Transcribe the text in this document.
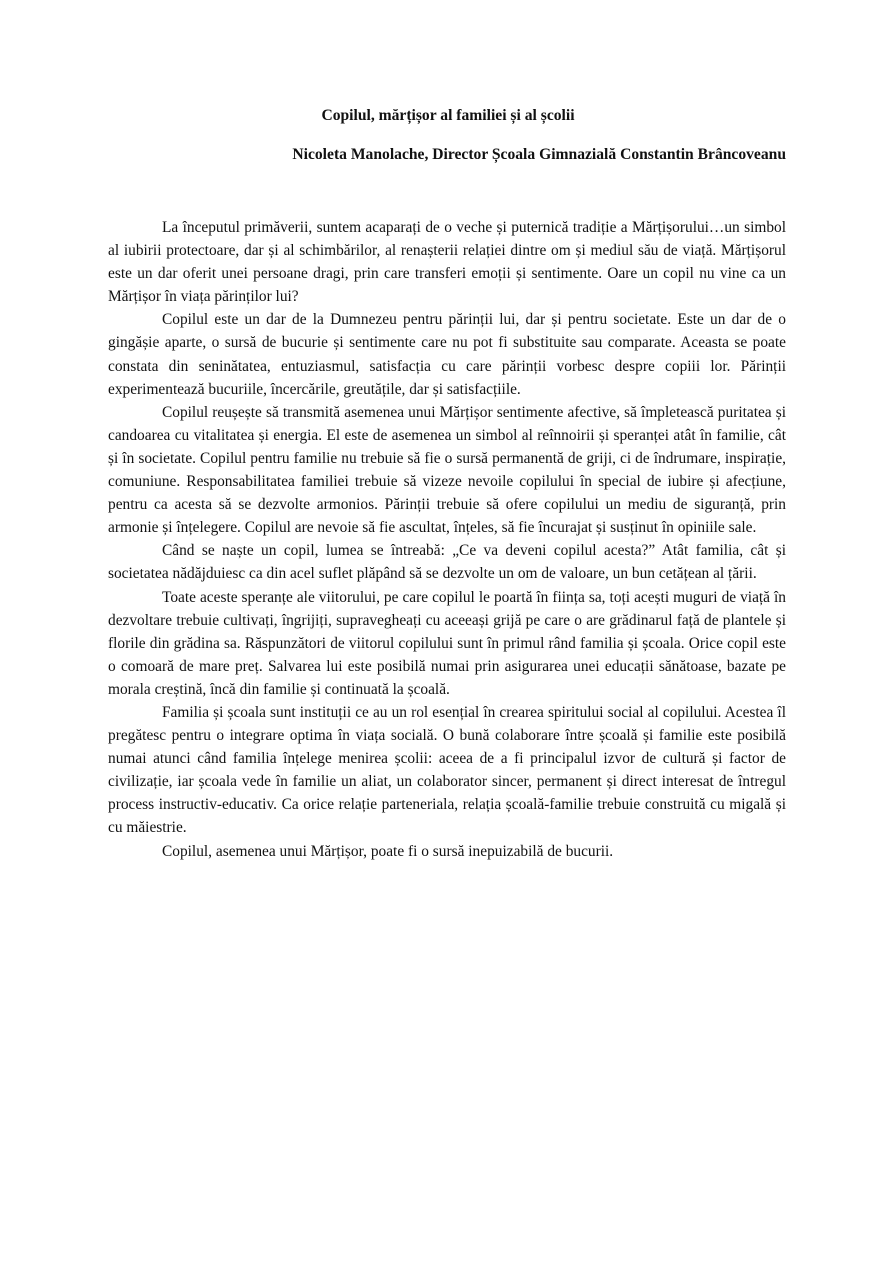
Copilul, mărțișor al familiei și al școlii
Nicoleta Manolache, Director Școala Gimnazială Constantin Brâncoveanu

La începutul primăverii, suntem acaparați de o veche și puternică tradiție a Mărțișorului…un simbol al iubirii protectoare, dar și al schimbărilor, al renașterii relației dintre om și mediul său de viață. Mărțișorul este un dar oferit unei persoane dragi, prin care transferi emoții și sentimente. Oare un copil nu vine ca un Mărțișor în viața părinților lui?

Copilul este un dar de la Dumnezeu pentru părinții lui, dar și pentru societate. Este un dar de o gingășie aparte, o sursă de bucurie și sentimente care nu pot fi substituite sau comparate. Aceasta se poate constata din seninătatea, entuziasmul, satisfacția cu care părinții vorbesc despre copiii lor. Părinții experimentează bucuriile, încercările, greutățile, dar și satisfacțiile.

Copilul reușește să transmită asemenea unui Mărțișor sentimente afective, să împletească puritatea și candoarea cu vitalitatea și energia. El este de asemenea un simbol al reînnoirii și speranței atât în familie, cât și în societate. Copilul pentru familie nu trebuie să fie o sursă permanentă de griji, ci de îndrumare, inspirație, comuniune. Responsabilitatea familiei trebuie să vizeze nevoile copilului în special de iubire și afecțiune, pentru ca acesta să se dezvolte armonios. Părinții trebuie să ofere copilului un mediu de siguranță, prin armonie și înțelegere. Copilul are nevoie să fie ascultat, înțeles, să fie încurajat și susținut în opiniile sale.

Când se naște un copil, lumea se întreabă: „Ce va deveni copilul acesta?” Atât familia, cât și societatea nădăjduiesc ca din acel suflet plăpând să se dezvolte un om de valoare, un bun cetățean al țării.

Toate aceste speranțe ale viitorului, pe care copilul le poartă în ființa sa, toți acești muguri de viață în dezvoltare trebuie cultivați, îngrijiți, supravegheați cu aceeași grijă pe care o are grădinarul față de plantele și florile din grădina sa. Răspunzători de viitorul copilului sunt în primul rând familia și școala. Orice copil este o comoară de mare preț. Salvarea lui este posibilă numai prin asigurarea unei educații sănătoase, bazate pe morala creștină, încă din familie și continuată la școală.

Familia și școala sunt instituții ce au un rol esențial în crearea spiritului social al copilului. Acestea îl pregătesc pentru o integrare optima în viața socială. O bună colaborare între școală și familie este posibilă numai atunci când familia înțelege menirea școlii: aceea de a fi principalul izvor de cultură și factor de civilizație, iar școala vede în familie un aliat, un colaborator sincer, permanent și direct interesat de întregul process instructiv-educativ. Ca orice relație parteneriala, relația școală-familie trebuie construită cu migală și cu măiestrie.

Copilul, asemenea unui Mărțișor, poate fi o sursă inepuizabilă de bucurii.
